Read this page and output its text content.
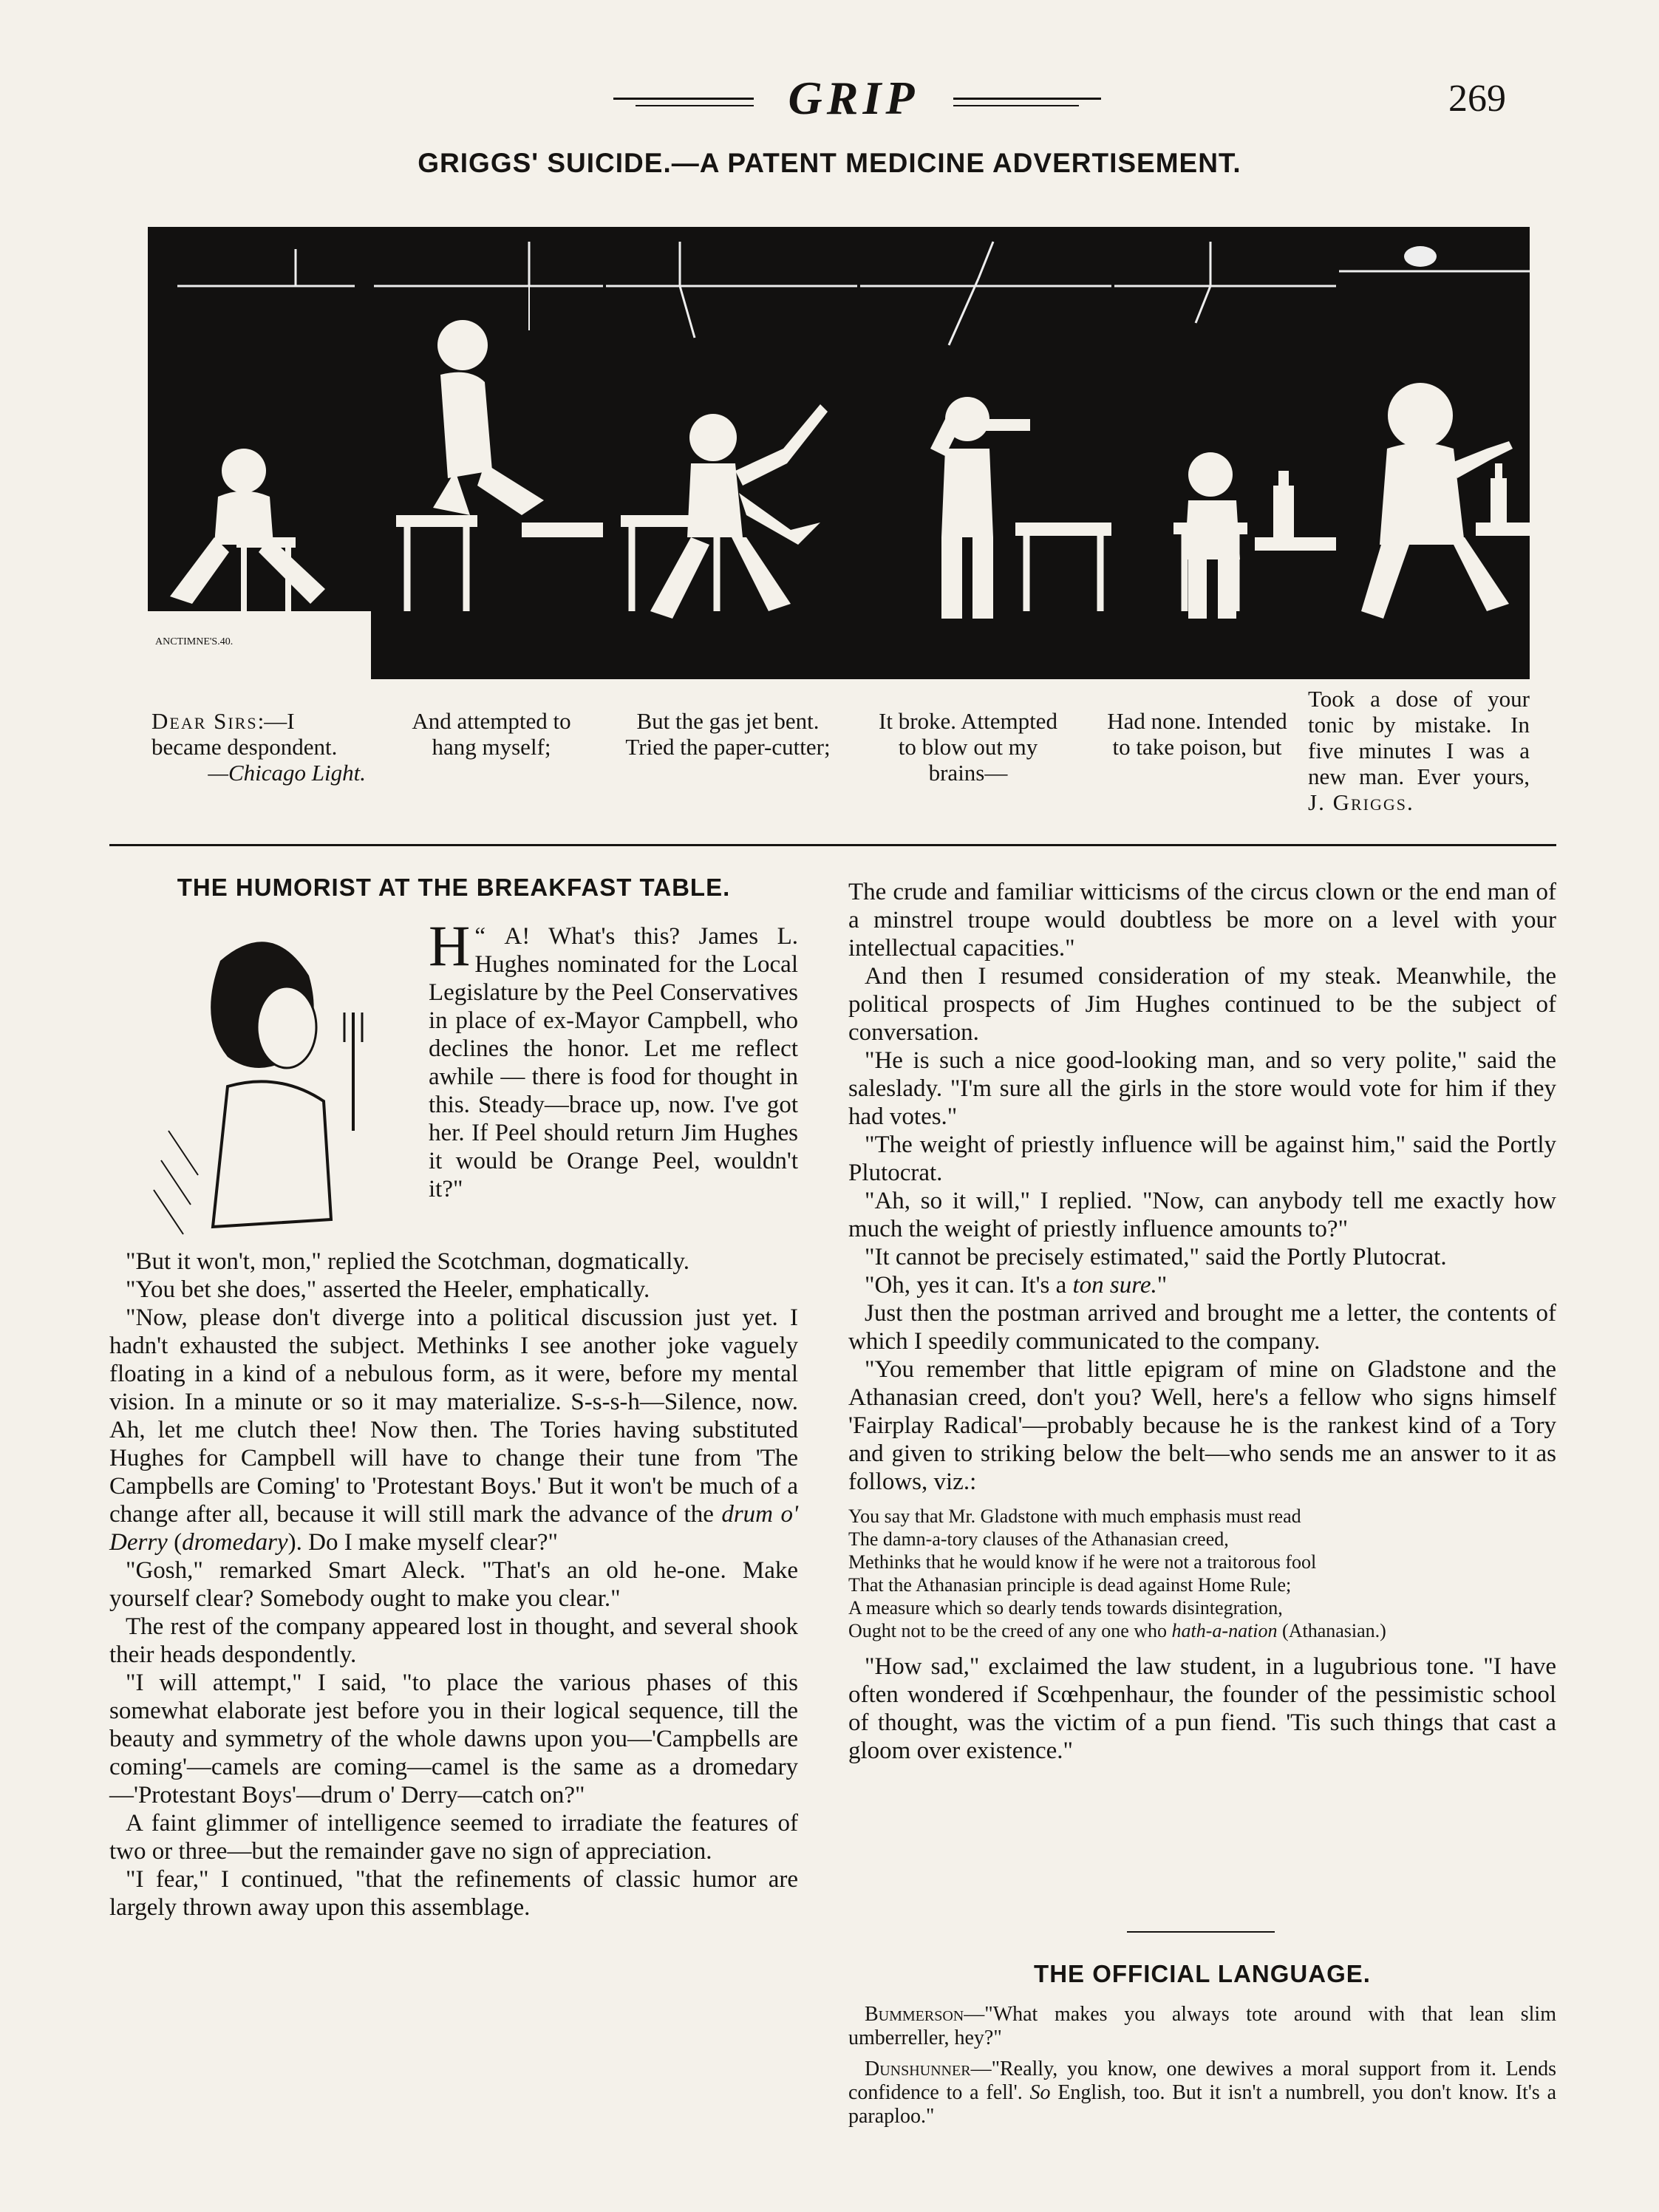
GRIP	269
GRIGGS' SUICIDE.—A PATENT MEDICINE ADVERTISEMENT.
ANCTIMNE'S.40.
Dear Sirs:—I became despondent.
—Chicago Light.
And attempted to hang myself;
But the gas jet bent. Tried the paper-cutter;
It broke. Attempted to blow out my brains—
Had none. Intended to take poison, but
Took a dose of your tonic by mistake. In five minutes I was a new man. Ever yours, J. Griggs.
THE HUMORIST AT THE BREAKFAST TABLE.

“
H A! What's this? James L. Hughes nominated for the Local Legislature by the Peel Conservatives in place of ex-Mayor Campbell, who declines the honor. Let me reflect awhile — there is food for thought in this. Steady—brace up, now. I've got her. If Peel should return Jim Hughes it would be Orange Peel, wouldn't it?"

"But it won't, mon," replied the Scotchman, dogmatically.

"You bet she does," asserted the Heeler, emphatically.

"Now, please don't diverge into a political discussion just yet. I hadn't exhausted the subject. Methinks I see another joke vaguely floating in a kind of a nebulous form, as it were, before my mental vision. In a minute or so it may materialize. S-s-s-h—Silence, now. Ah, let me clutch thee! Now then. The Tories having substituted Hughes for Campbell will have to change their tune from 'The Campbells are Coming' to 'Protestant Boys.' But it won't be much of a change after all, because it will still mark the advance of the drum o' Derry (dromedary). Do I make myself clear?"

"Gosh," remarked Smart Aleck. "That's an old he-one. Make yourself clear? Somebody ought to make you clear."

The rest of the company appeared lost in thought, and several shook their heads despondently.

"I will attempt," I said, "to place the various phases of this somewhat elaborate jest before you in their logical sequence, till the beauty and symmetry of the whole dawns upon you—'Campbells are coming'—camels are coming—camel is the same as a dromedary—'Protestant Boys'—drum o' Derry—catch on?"

A faint glimmer of intelligence seemed to irradiate the features of two or three—but the remainder gave no sign of appreciation.

"I fear," I continued, "that the refinements of classic humor are largely thrown away upon this assemblage.

The crude and familiar witticisms of the circus clown or the end man of a minstrel troupe would doubtless be more on a level with your intellectual capacities."

And then I resumed consideration of my steak. Meanwhile, the political prospects of Jim Hughes continued to be the subject of conversation.

"He is such a nice good-looking man, and so very polite," said the saleslady. "I'm sure all the girls in the store would vote for him if they had votes."

"The weight of priestly influence will be against him," said the Portly Plutocrat.

"Ah, so it will," I replied. "Now, can anybody tell me exactly how much the weight of priestly influence amounts to?"

"It cannot be precisely estimated," said the Portly Plutocrat.

"Oh, yes it can. It's a ton sure."

Just then the postman arrived and brought me a letter, the contents of which I speedily communicated to the company.

"You remember that little epigram of mine on Gladstone and the Athanasian creed, don't you? Well, here's a fellow who signs himself 'Fairplay Radical'—probably because he is the rankest kind of a Tory and given to striking below the belt—who sends me an answer to it as follows, viz.:

You say that Mr. Gladstone with much emphasis must read
The damn-a-tory clauses of the Athanasian creed,
Methinks that he would know if he were not a traitorous fool
That the Athanasian principle is dead against Home Rule;
A measure which so dearly tends towards disintegration,
Ought not to be the creed of any one who hath-a-nation (Athanasian.)

"How sad," exclaimed the law student, in a lugubrious tone. "I have often wondered if Scœhpenhaur, the founder of the pessimistic school of thought, was the victim of a pun fiend. 'Tis such things that cast a gloom over existence."

THE OFFICIAL LANGUAGE.

Bummerson—"What makes you always tote around with that lean slim umberreller, hey?"

Dunshunner—"Really, you know, one dewives a moral support from it. Lends confidence to a fell'. So English, too. But it isn't a numbrell, you don't know. It's a paraploo."
